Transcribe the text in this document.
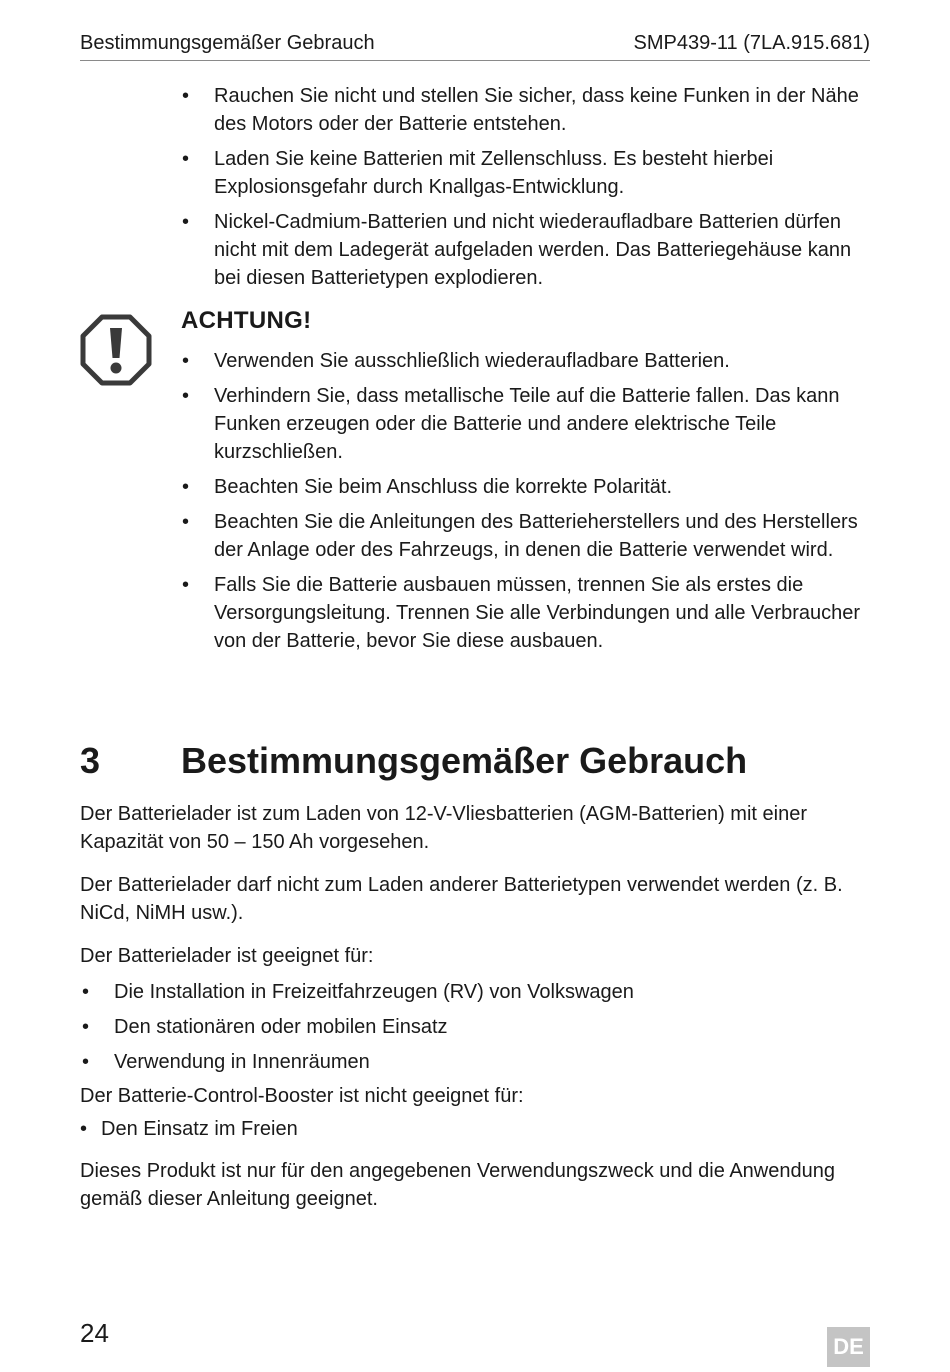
Bestimmungsgemäßer Gebrauch	SMP439-11 (7LA.915.681)
• Rauchen Sie nicht und stellen Sie sicher, dass keine Funken in der Nähe des Motors oder der Batterie entstehen.
• Laden Sie keine Batterien mit Zellenschluss. Es besteht hierbei Explosionsgefahr durch Knallgas-Entwicklung.
• Nickel-Cadmium-Batterien und nicht wiederaufladbare Batterien dürfen nicht mit dem Ladegerät aufgeladen werden. Das Batteriegehäuse kann bei diesen Batterietypen explodieren.
ACHTUNG!
• Verwenden Sie ausschließlich wiederaufladbare Batterien.
• Verhindern Sie, dass metallische Teile auf die Batterie fallen. Das kann Funken erzeugen oder die Batterie und andere elektrische Teile kurzschließen.
• Beachten Sie beim Anschluss die korrekte Polarität.
• Beachten Sie die Anleitungen des Batterieherstellers und des Herstellers der Anlage oder des Fahrzeugs, in denen die Batterie verwendet wird.
• Falls Sie die Batterie ausbauen müssen, trennen Sie als erstes die Versorgungsleitung. Trennen Sie alle Verbindungen und alle Verbraucher von der Batterie, bevor Sie diese ausbauen.
3 Bestimmungsgemäßer Gebrauch

Der Batterielader ist zum Laden von 12-V-Vliesbatterien (AGM-Batterien) mit einer Kapazität von 50 – 150 Ah vorgesehen.

Der Batterielader darf nicht zum Laden anderer Batterietypen verwendet werden (z. B. NiCd, NiMH usw.).

Der Batterielader ist geeignet für:

• Die Installation in Freizeitfahrzeugen (RV) von Volkswagen
• Den stationären oder mobilen Einsatz
• Verwendung in Innenräumen

Der Batterie-Control-Booster ist nicht geeignet für:

• Den Einsatz im Freien

Dieses Produkt ist nur für den angegebenen Verwendungszweck und die Anwendung gemäß dieser Anleitung geeignet.

24	DE
